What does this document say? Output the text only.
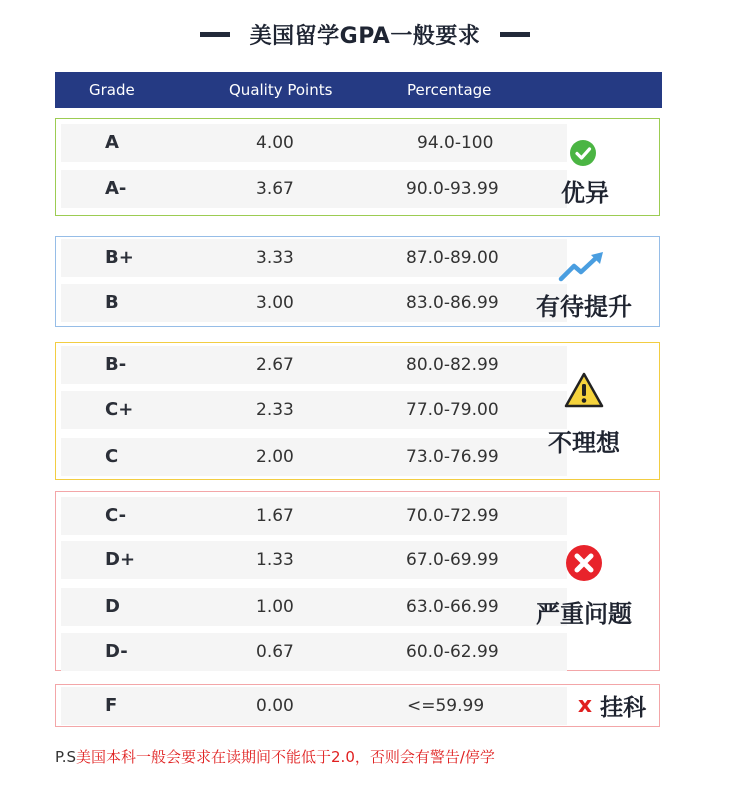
美国留学GPA一般要求
Grade	Quality Points	Percentage
A	4.00	94.0-100
A-	3.67	90.0-93.99	优异
B+	3.33	87.0-89.00
B	3.00	83.0-86.99 有待提升
B-	2.67	80.0-82.99
C+	2.33	77.0-79.00
C	2.00	73.0-76.99	不理想
C-	1.67	70.0-72.99
D+	1.33	67.0-69.99
D	1.00	63.0-66.99
D-	0.67	60.0-62.99
严重问题
F	0.00	<=59.99	x 挂科
P.S美国本科一般会要求在读期间不能低于2.0，否则会有警告/停学
